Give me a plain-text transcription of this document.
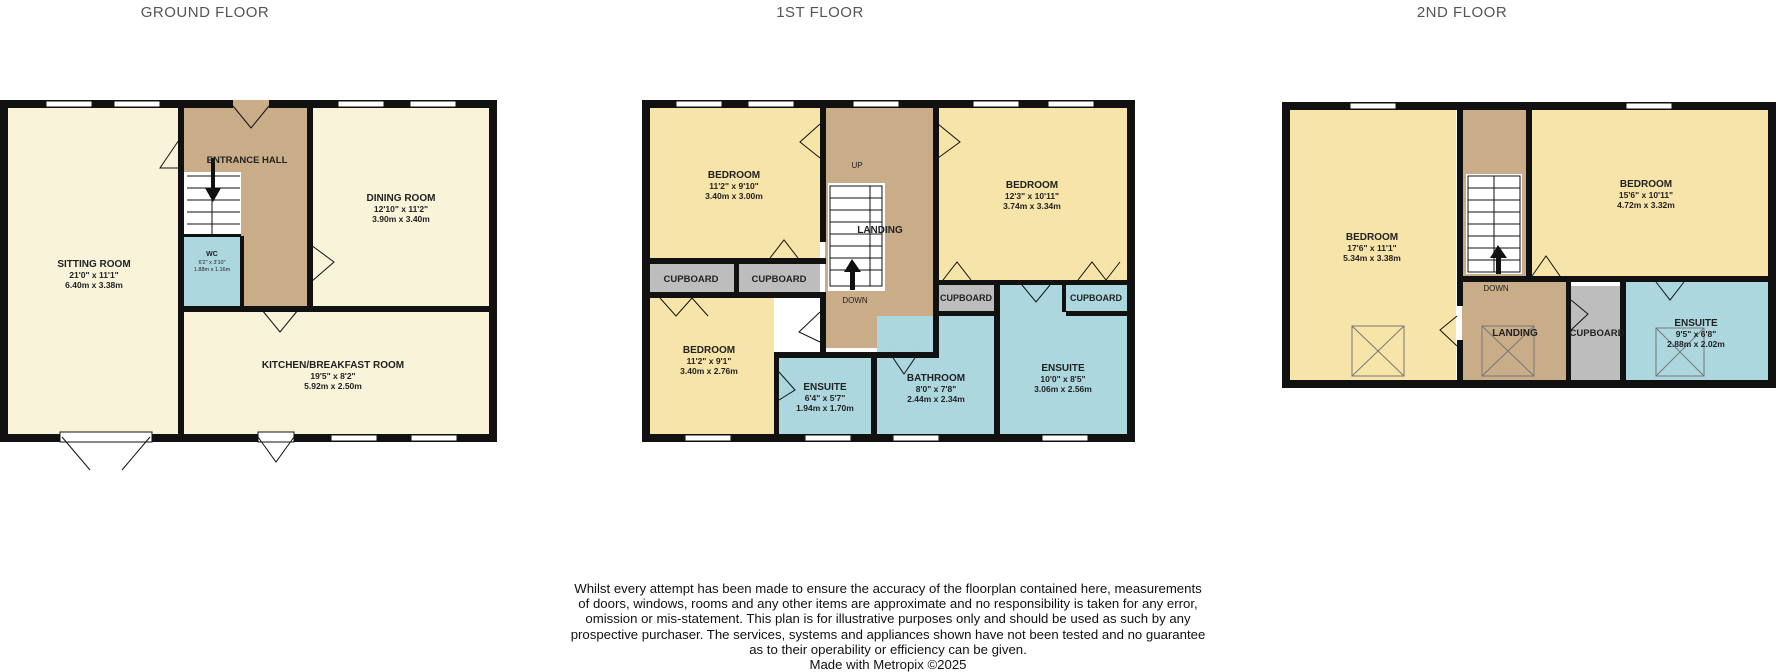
GROUND FLOOR	1ST FLOOR	2ND FLOOR
SITTING ROOM
21'0" x 11'1"
6.40m x 3.38m
ENTRANCE HALL
WC
6'2" x 3'10"
1.88m x 1.16m
DINING ROOM
12'10" x 11'2"
3.90m x 3.40m
KITCHEN/BREAKFAST ROOM
19'5" x 8'2"
5.92m x 2.50m
BEDROOM
11'2" x 9'10"
3.40m x 3.00m
CUPBOARD	CUPBOARD
BEDROOM
11'2" x 9'1"
3.40m x 2.76m
UP
LANDING
DOWN
BEDROOM
12'3" x 10'11"
3.74m x 3.34m
CUPBOARD	CUPBOARD
ENSUITE
6'4" x 5'7"
1.94m x 1.70m
BATHROOM
8'0" x 7'8"
2.44m x 2.34m
ENSUITE
10'0" x 8'5"
3.06m x 2.56m
BEDROOM
17'6" x 11'1"
5.34m x 3.38m
BEDROOM
15'6" x 10'11"
4.72m x 3.32m
DOWN
LANDING	CUPBOARD
ENSUITE
9'5" x 6'8"
2.88m x 2.02m
Whilst every attempt has been made to ensure the accuracy of the floorplan contained here, measurements
of doors, windows, rooms and any other items are approximate and no responsibility is taken for any error,
omission or mis-statement. This plan is for illustrative purposes only and should be used as such by any
prospective purchaser. The services, systems and appliances shown have not been tested and no guarantee
as to their operability or efficiency can be given.
Made with Metropix ©2025
